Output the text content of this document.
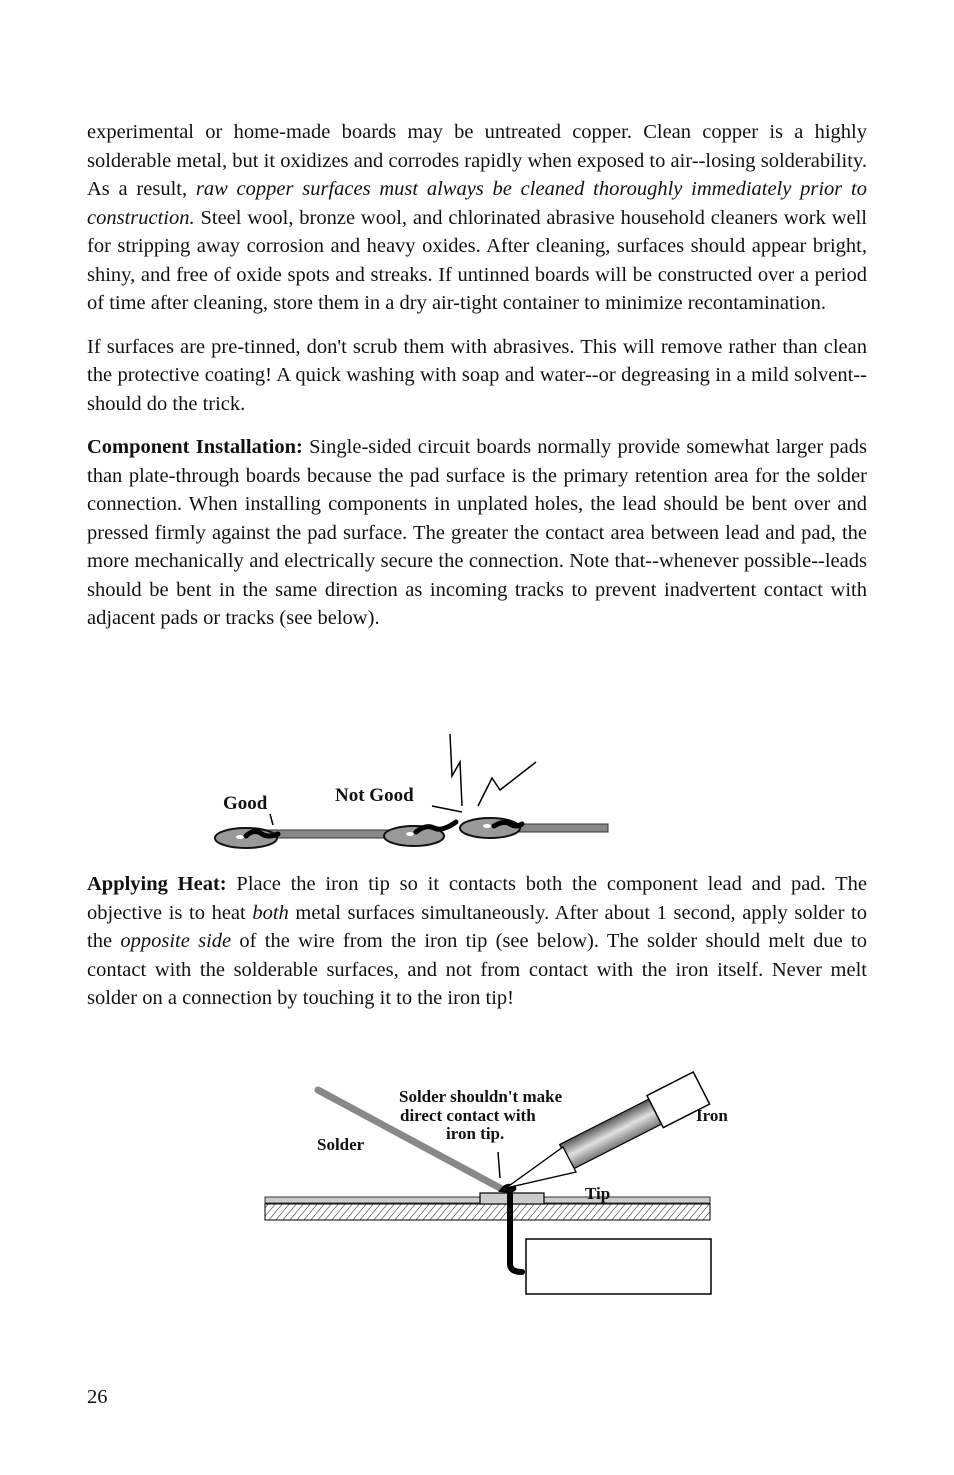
experimental or home-made boards may be untreated copper. Clean copper is a highly solderable metal, but it oxidizes and corrodes rapidly when exposed to air--losing solderability. As a result, raw copper surfaces must always be cleaned thoroughly immediately prior to construction. Steel wool, bronze wool, and chlorinated abrasive household cleaners work well for stripping away corrosion and heavy oxides. After cleaning, surfaces should appear bright, shiny, and free of oxide spots and streaks. If untinned boards will be constructed over a period of time after cleaning, store them in a dry air-tight container to minimize recontamination.

If surfaces are pre-tinned, don't scrub them with abrasives. This will remove rather than clean the protective coating! A quick washing with soap and water--or degreasing in a mild solvent--should do the trick.

Component Installation: Single-sided circuit boards normally provide somewhat larger pads than plate-through boards because the pad surface is the primary retention area for the solder connection. When installing components in unplated holes, the lead should be bent over and pressed firmly against the pad surface. The greater the contact area between lead and pad, the more mechanically and electrically secure the connection. Note that--whenever possible--leads should be bent in the same direction as incoming tracks to prevent inadvertent contact with adjacent pads or tracks (see below).

Good	Not Good

Applying Heat: Place the iron tip so it contacts both the component lead and pad. The objective is to heat both metal surfaces simultaneously. After about 1 second, apply solder to the opposite side of the wire from the iron tip (see below). The solder should melt due to contact with the solderable surfaces, and not from contact with the iron itself. Never melt solder on a connection by touching it to the iron tip!

Solder
Solder shouldn't make
direct contact with
iron tip.
Iron
Tip
26
